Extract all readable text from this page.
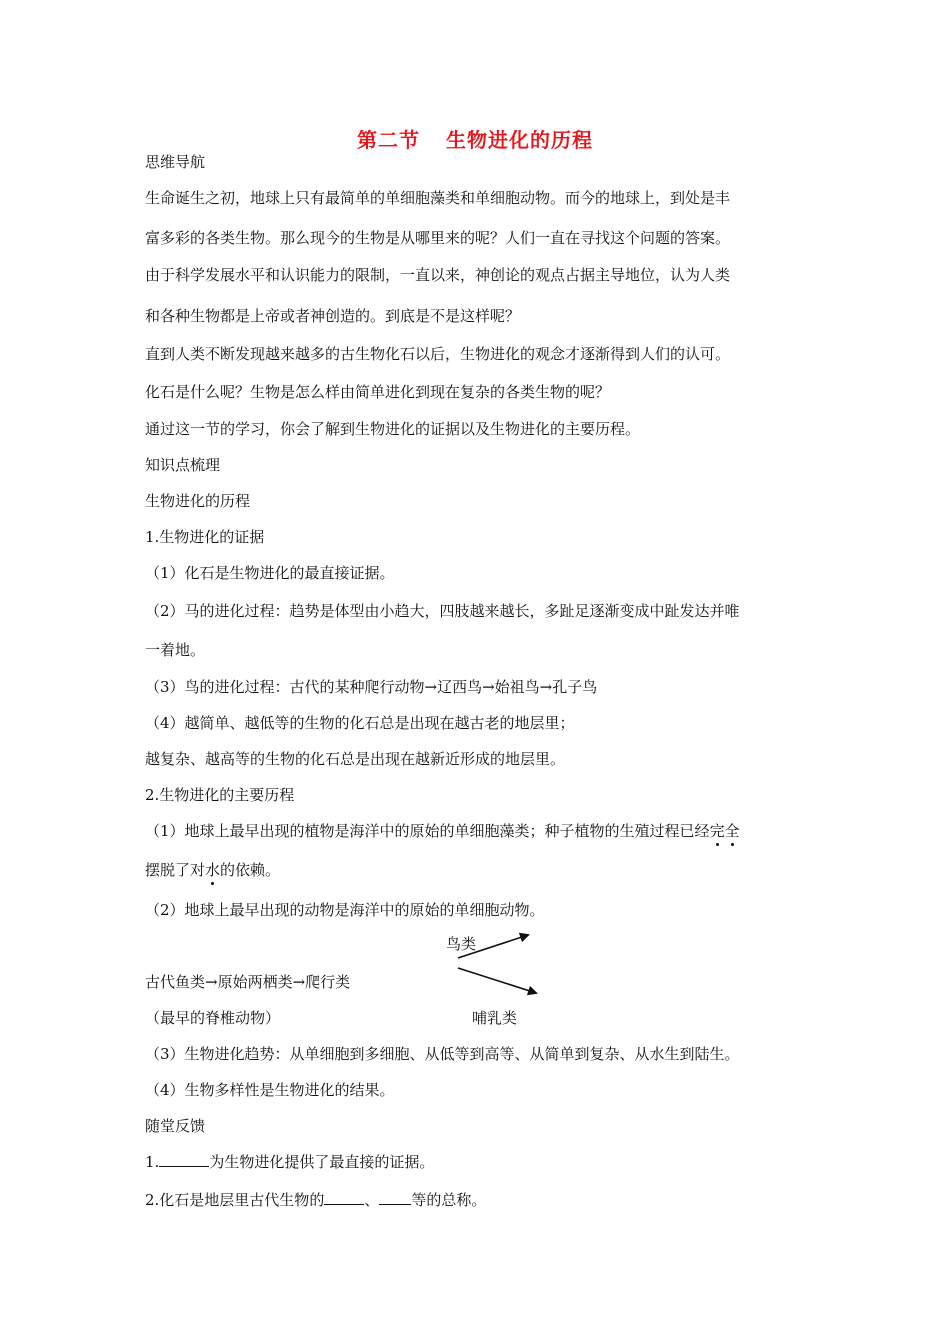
第二节 生物进化的历程
思维导航
生命诞生之初，地球上只有最简单的单细胞藻类和单细胞动物。而今的地球上，到处是丰
富多彩的各类生物。那么现今的生物是从哪里来的呢？人们一直在寻找这个问题的答案。
由于科学发展水平和认识能力的限制，一直以来，神创论的观点占据主导地位，认为人类
和各种生物都是上帝或者神创造的。到底是不是这样呢？
直到人类不断发现越来越多的古生物化石以后，生物进化的观念才逐渐得到人们的认可。
化石是什么呢？生物是怎么样由简单进化到现在复杂的各类生物的呢？
通过这一节的学习，你会了解到生物进化的证据以及生物进化的主要历程。
知识点梳理
生物进化的历程
1.生物进化的证据
（1）化石是生物进化的最直接证据。
（2）马的进化过程：趋势是体型由小趋大，四肢越来越长，多趾足逐渐变成中趾发达并唯
一着地。
（3）鸟的进化过程：古代的某种爬行动物→辽西鸟→始祖鸟→孔子鸟
（4）越简单、越低等的生物的化石总是出现在越古老的地层里；
越复杂、越高等的生物的化石总是出现在越新近形成的地层里。
2.生物进化的主要历程
（1）地球上最早出现的植物是海洋中的原始的单细胞藻类；种子植物的生殖过程已经完全
摆脱了对水的依赖。
（2）地球上最早出现的动物是海洋中的原始的单细胞动物。
鸟类
古代鱼类→原始两栖类→爬行类
哺乳类
（最早的脊椎动物）
（3）生物进化趋势：从单细胞到多细胞、从低等到高等、从简单到复杂、从水生到陆生。
（4）生物多样性是生物进化的结果。
随堂反馈
1.	为生物进化提供了最直接的证据。
2.化石是地层里古代生物的	、 等的总称。
